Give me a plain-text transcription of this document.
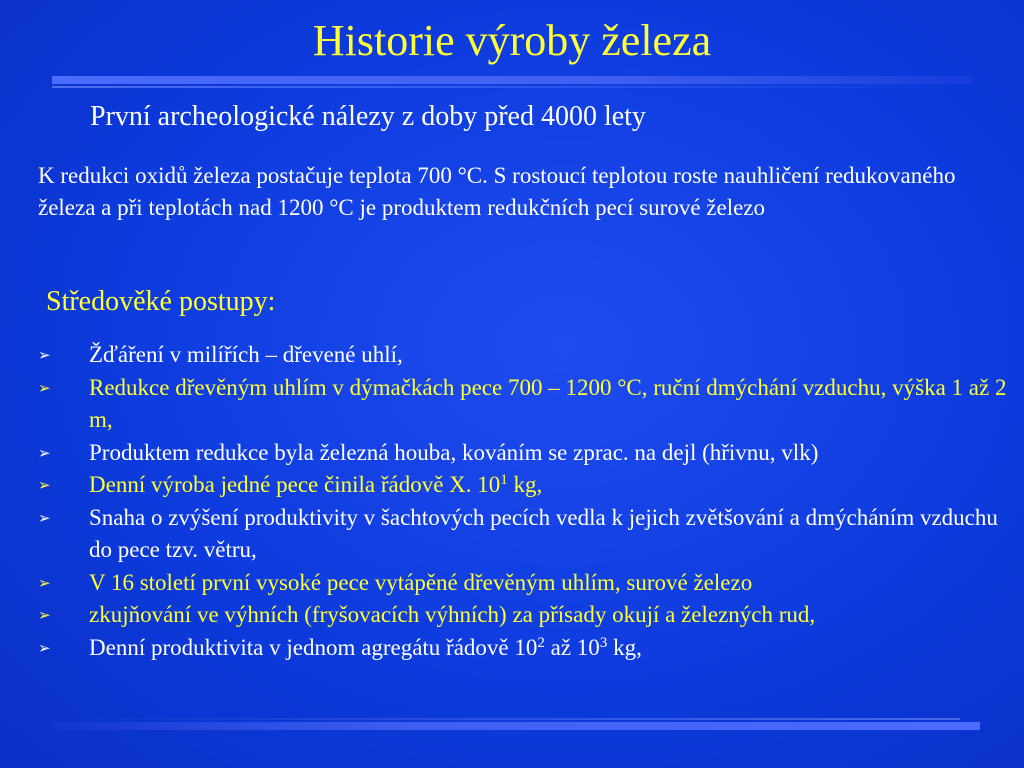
Historie výroby železa
První archeologické nálezy z doby před 4000 lety
K redukci oxidů železa postačuje teplota 700 °C. S rostoucí teplotou roste nauhličení redukovaného železa a při teplotách nad 1200 °C je produktem redukčních pecí surové železo
Středověké postupy:
➢ Žďáření v milířích – dřevené uhlí,
➢ Redukce dřevěným uhlím v dýmačkách pece 700 – 1200 °C, ruční dmýchání vzduchu, výška 1 až 2 m,
➢ Produktem redukce byla železná houba, kováním se zprac. na dejl (hřivnu, vlk)
➢ Denní výroba jedné pece činila řádově X. $10^1$ kg,
➢ Snaha o zvýšení produktivity v šachtových pecích vedla k jejich zvětšování a dmýcháním vzduchu do pece tzv. větru,
➢ V 16 století první vysoké pece vytápěné dřevěným uhlím, surové železo
➢ zkujňování ve výhních (fryšovacích výhních) za přísady okují a železných rud,
➢ Denní produktivita v jednom agregátu řádově $10^2$ až $10^3$ kg,
